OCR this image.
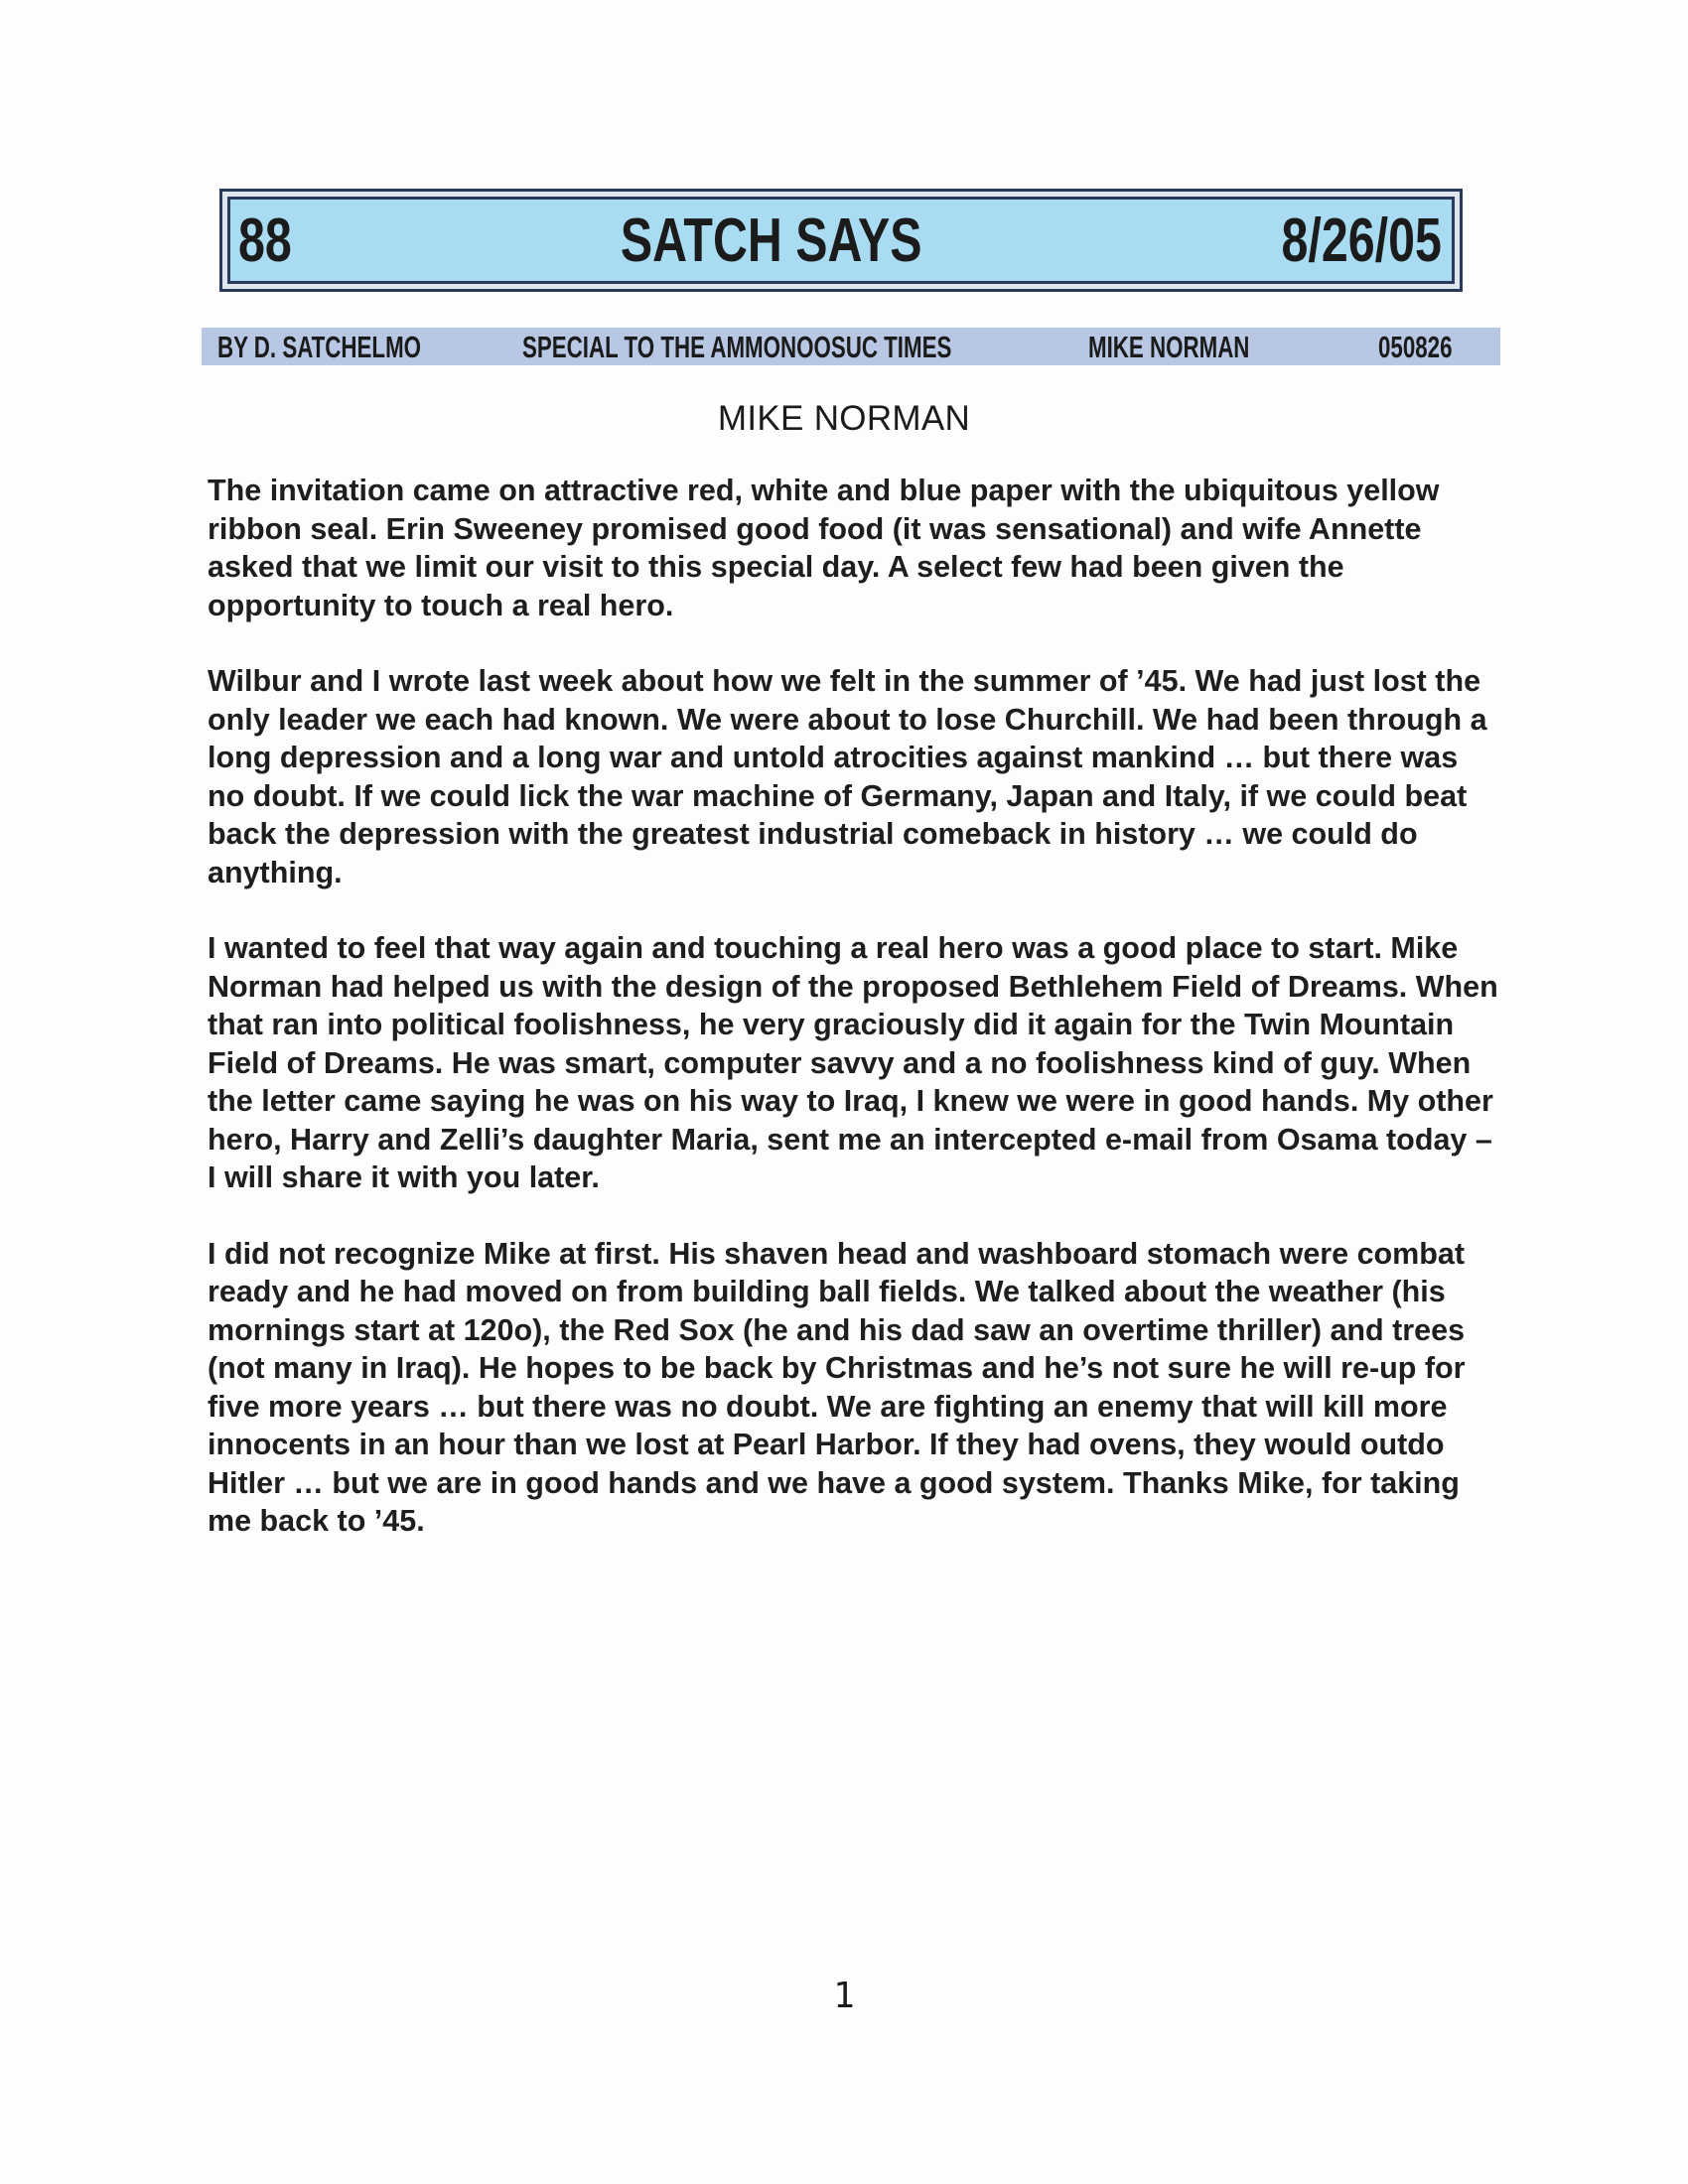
88	SATCH SAYS	8/26/05
BY D. SATCHELMO	SPECIAL TO THE AMMONOOSUC TIMES	MIKE NORMAN	050826
MIKE NORMAN

The invitation came on attractive red, white and blue paper with the ubiquitous yellow ribbon seal. Erin Sweeney promised good food (it was sensational) and wife Annette asked that we limit our visit to this special day. A select few had been given the opportunity to touch a real hero.

Wilbur and I wrote last week about how we felt in the summer of ’45. We had just lost the only leader we each had known. We were about to lose Churchill. We had been through a long depression and a long war and untold atrocities against mankind … but there was no doubt. If we could lick the war machine of Germany, Japan and Italy, if we could beat back the depression with the greatest industrial comeback in history … we could do anything.

I wanted to feel that way again and touching a real hero was a good place to start. Mike Norman had helped us with the design of the proposed Bethlehem Field of Dreams. When that ran into political foolishness, he very graciously did it again for the Twin Mountain Field of Dreams. He was smart, computer savvy and a no foolishness kind of guy. When the letter came saying he was on his way to Iraq, I knew we were in good hands. My other hero, Harry and Zelli’s daughter Maria, sent me an intercepted e-mail from Osama today – I will share it with you later.

I did not recognize Mike at first. His shaven head and washboard stomach were combat ready and he had moved on from building ball fields. We talked about the weather (his mornings start at 120o), the Red Sox (he and his dad saw an overtime thriller) and trees (not many in Iraq). He hopes to be back by Christmas and he’s not sure he will re-up for five more years … but there was no doubt. We are fighting an enemy that will kill more innocents in an hour than we lost at Pearl Harbor. If they had ovens, they would outdo Hitler … but we are in good hands and we have a good system. Thanks Mike, for taking me back to ’45.

1
